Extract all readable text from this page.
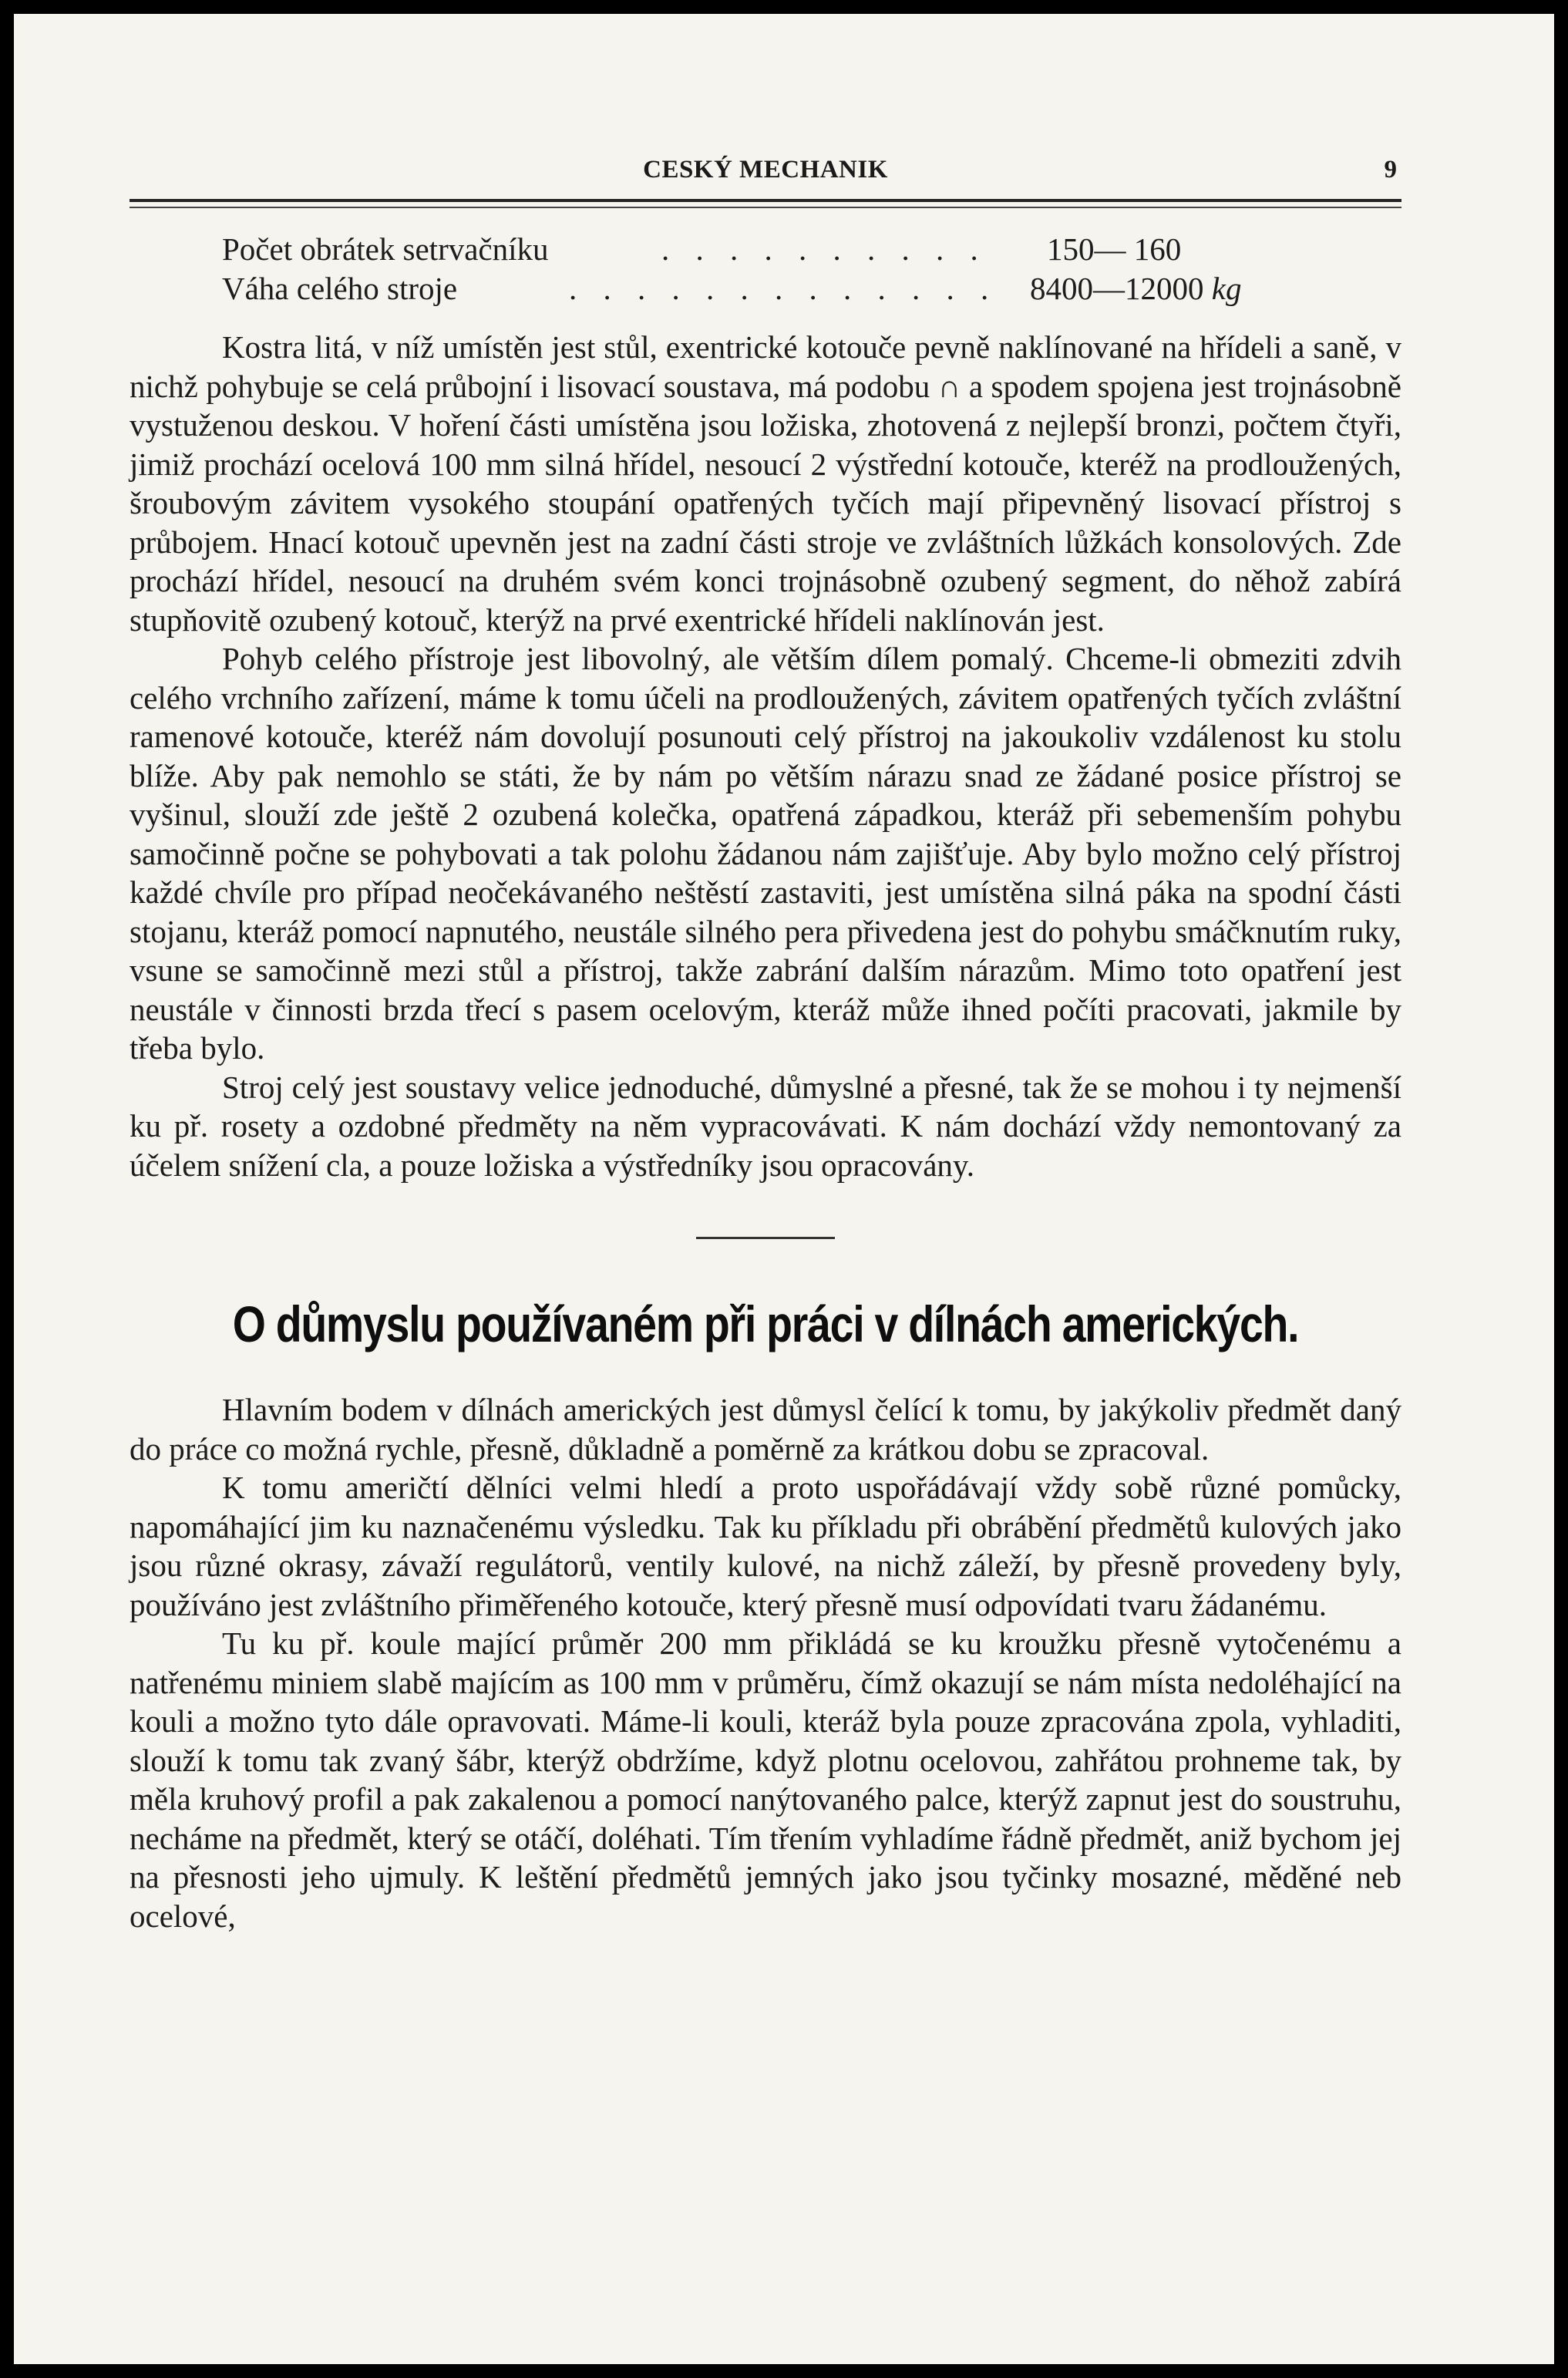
CESKÝ MECHANIK	9
Počet obrátek setrvačníku	. . . . . . . . . . 150— 160
Váha celého stroje	. . . . . . . . . . . . . 8400—12000 kg

Kostra litá, v níž umístěn jest stůl, exentrické kotouče pevně naklínované na hřídeli a saně, v nichž pohybuje se celá průbojní i lisovací soustava, má podobu ∩ a spodem spojena jest trojnásobně vystuženou deskou. V hoření části umístěna jsou ložiska, zhotovená z nejlepší bronzi, počtem čtyři, jimiž prochází ocelová 100 mm silná hřídel, nesoucí 2 výstřední kotouče, kteréž na prodloužených, šroubovým závitem vysokého stoupání opatřených tyčích mají připevněný lisovací přístroj s průbojem. Hnací kotouč upevněn jest na zadní části stroje ve zvláštních lůžkách konsolových. Zde prochází hřídel, nesoucí na druhém svém konci trojnásobně ozubený segment, do něhož zabírá stupňovitě ozubený kotouč, kterýž na prvé exentrické hřídeli naklínován jest.

Pohyb celého přístroje jest libovolný, ale větším dílem pomalý. Chceme-li obmeziti zdvih celého vrchního zařízení, máme k tomu účeli na prodloužených, závitem opatřených tyčích zvláštní ramenové kotouče, kteréž nám dovolují posunouti celý přístroj na jakoukoliv vzdálenost ku stolu blíže. Aby pak nemohlo se státi, že by nám po větším nárazu snad ze žádané posice přístroj se vyšinul, slouží zde ještě 2 ozubená kolečka, opatřená západkou, kteráž při sebemenším pohybu samočinně počne se pohybovati a tak polohu žádanou nám zajišťuje. Aby bylo možno celý přístroj každé chvíle pro případ neočekávaného neštěstí zastaviti, jest umístěna silná páka na spodní části stojanu, kteráž pomocí napnutého, neustále silného pera přivedena jest do pohybu smáčknutím ruky, vsune se samočinně mezi stůl a přístroj, takže zabrání dalším nárazům. Mimo toto opatření jest neustále v činnosti brzda třecí s pasem ocelovým, kteráž může ihned počíti pracovati, jakmile by třeba bylo.

Stroj celý jest soustavy velice jednoduché, důmyslné a přesné, tak že se mohou i ty nejmenší ku př. rosety a ozdobné předměty na něm vypracovávati. K nám dochází vždy nemontovaný za účelem snížení cla, a pouze ložiska a výstředníky jsou opracovány.

O důmyslu používaném při práci v dílnách amerických.

Hlavním bodem v dílnách amerických jest důmysl čelící k tomu, by jakýkoliv předmět daný do práce co možná rychle, přesně, důkladně a poměrně za krátkou dobu se zpracoval.

K tomu američtí dělníci velmi hledí a proto uspořádávají vždy sobě různé pomůcky, napomáhající jim ku naznačenému výsledku. Tak ku příkladu při obrábění předmětů kulových jako jsou různé okrasy, závaží regulátorů, ventily kulové, na nichž záleží, by přesně provedeny byly, používáno jest zvláštního přiměřeného kotouče, který přesně musí odpovídati tvaru žádanému.

Tu ku př. koule mající průměr 200 mm přikládá se ku kroužku přesně vytočenému a natřenému miniem slabě majícím as 100 mm v průměru, čímž okazují se nám místa nedoléhající na kouli a možno tyto dále opravovati. Máme-li kouli, kteráž byla pouze zpracována zpola, vyhladiti, slouží k tomu tak zvaný šábr, kterýž obdržíme, když plotnu ocelovou, zahřátou prohneme tak, by měla kruhový profil a pak zakalenou a pomocí nanýtovaného palce, kterýž zapnut jest do soustruhu, necháme na předmět, který se otáčí, doléhati. Tím třením vyhladíme řádně předmět, aniž bychom jej na přesnosti jeho ujmuly. K leštění předmětů jemných jako jsou tyčinky mosazné, měděné neb ocelové,
